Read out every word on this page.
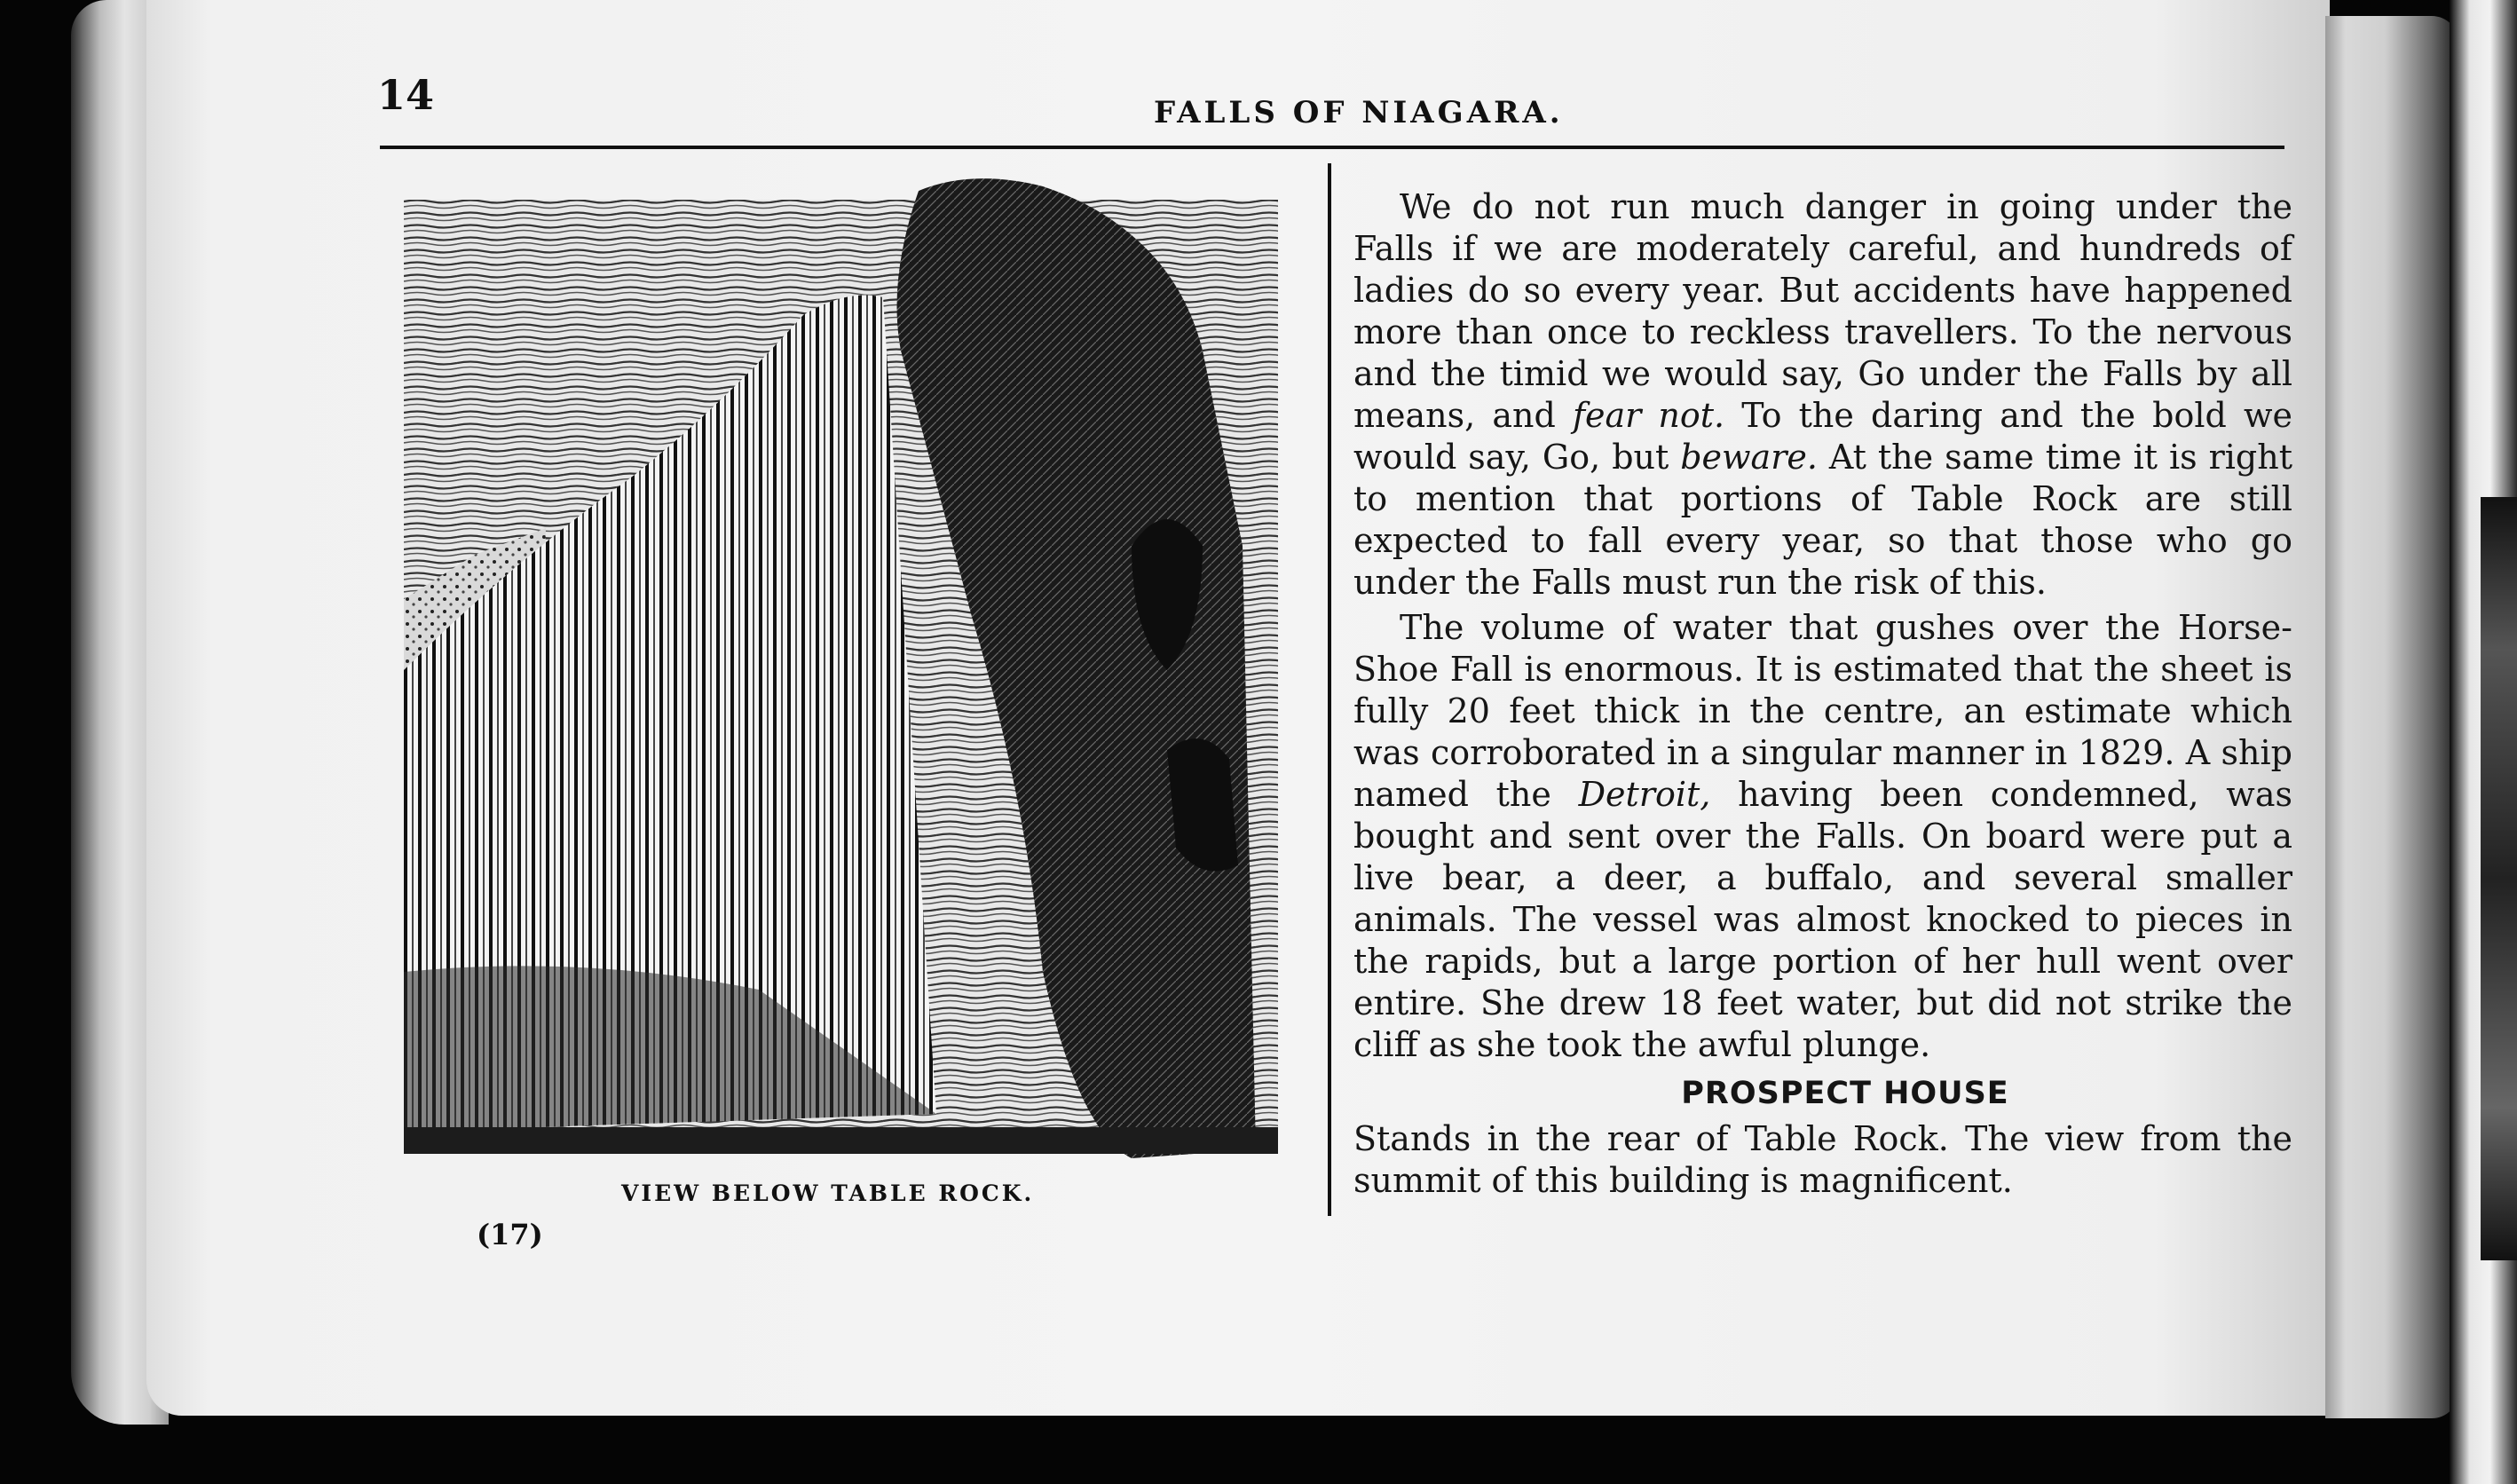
14	FALLS OF NIAGARA.
VIEW BELOW TABLE ROCK.
(17)

We do not run much danger in going under the Falls if we are moderately careful, and hundreds of ladies do so every year. But accidents have happened more than once to reckless travellers. To the nervous and the timid we would say, Go under the Falls by all means, and fear not. To the daring and the bold we would say, Go, but beware. At the same time it is right to mention that portions of Table Rock are still expected to fall every year, so that those who go under the Falls must run the risk of this.

The volume of water that gushes over the Horse-Shoe Fall is enormous. It is estimated that the sheet is fully 20 feet thick in the centre, an estimate which was corroborated in a singular manner in 1829. A ship named the Detroit, having been condemned, was bought and sent over the Falls. On board were put a live bear, a deer, a buffalo, and several smaller animals. The vessel was almost knocked to pieces in the rapids, but a large portion of her hull went over entire. She drew 18 feet water, but did not strike the cliff as she took the awful plunge.

PROSPECT HOUSE

Stands in the rear of Table Rock. The view from the summit of this building is magnificent.
